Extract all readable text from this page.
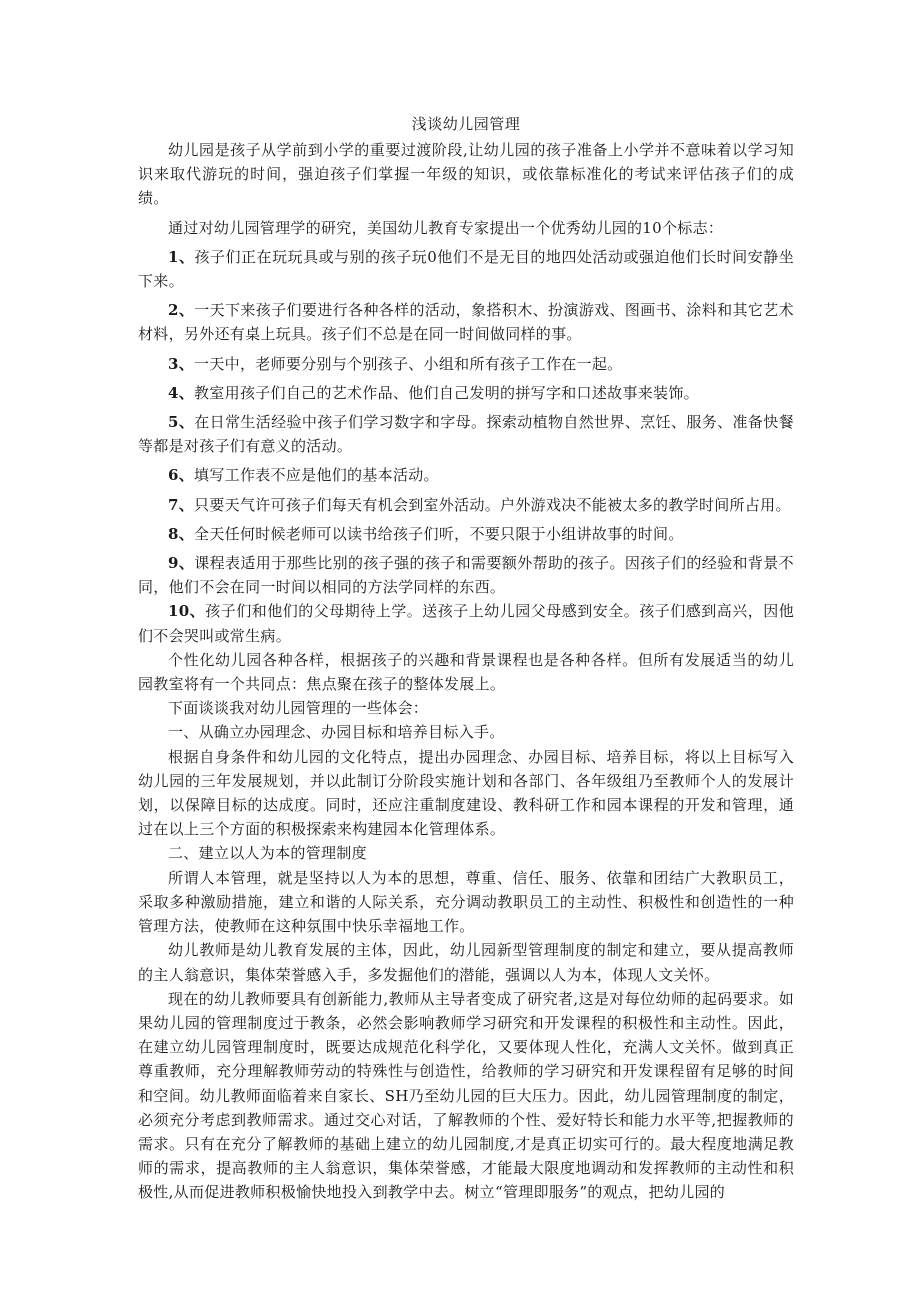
浅谈幼儿园管理

幼儿园是孩子从学前到小学的重要过渡阶段,让幼儿园的孩子准备上小学并不意味着以学习知识来取代游玩的时间，强迫孩子们掌握一年级的知识，或依靠标准化的考试来评估孩子们的成绩。

通过对幼儿园管理学的研究，美国幼儿教育专家提出一个优秀幼儿园的10个标志：

1、孩子们正在玩玩具或与别的孩子玩0他们不是无目的地四处活动或强迫他们长时间安静坐下来。

2、一天下来孩子们要进行各种各样的活动，象搭积木、扮演游戏、图画书、涂料和其它艺术材料，另外还有桌上玩具。孩子们不总是在同一时间做同样的事。

3、一天中，老师要分别与个别孩子、小组和所有孩子工作在一起。

4、教室用孩子们自己的艺术作品、他们自己发明的拼写字和口述故事来装饰。

5、在日常生活经验中孩子们学习数字和字母。探索动植物自然世界、烹饪、服务、准备快餐等都是对孩子们有意义的活动。

6、填写工作表不应是他们的基本活动。

7、只要天气许可孩子们每天有机会到室外活动。户外游戏决不能被太多的教学时间所占用。

8、全天任何时候老师可以读书给孩子们听，不要只限于小组讲故事的时间。

9、课程表适用于那些比别的孩子强的孩子和需要额外帮助的孩子。因孩子们的经验和背景不同，他们不会在同一时间以相同的方法学同样的东西。

10、孩子们和他们的父母期待上学。送孩子上幼儿园父母感到安全。孩子们感到高兴，因他们不会哭叫或常生病。

个性化幼儿园各种各样，根据孩子的兴趣和背景课程也是各种各样。但所有发展适当的幼儿园教室将有一个共同点：焦点聚在孩子的整体发展上。

下面谈谈我对幼儿园管理的一些体会：

一、从确立办园理念、办园目标和培养目标入手。

根据自身条件和幼儿园的文化特点，提出办园理念、办园目标、培养目标，将以上目标写入幼儿园的三年发展规划，并以此制订分阶段实施计划和各部门、各年级组乃至教师个人的发展计划，以保障目标的达成度。同时，还应注重制度建设、教科研工作和园本课程的开发和管理，通过在以上三个方面的积极探索来构建园本化管理体系。

二、建立以人为本的管理制度

所谓人本管理，就是坚持以人为本的思想，尊重、信任、服务、依靠和团结广大教职员工，采取多种激励措施，建立和谐的人际关系，充分调动教职员工的主动性、积极性和创造性的一种管理方法，使教师在这种氛围中快乐幸福地工作。

幼儿教师是幼儿教育发展的主体，因此，幼儿园新型管理制度的制定和建立，要从提高教师的主人翁意识，集体荣誉感入手，多发掘他们的潜能，强调以人为本，体现人文关怀。

现在的幼儿教师要具有创新能力,教师从主导者变成了研究者,这是对每位幼师的起码要求。如果幼儿园的管理制度过于教条，必然会影响教师学习研究和开发课程的积极性和主动性。因此，在建立幼儿园管理制度时，既要达成规范化科学化，又要体现人性化，充满人文关怀。做到真正尊重教师，充分理解教师劳动的特殊性与创造性，给教师的学习研究和开发课程留有足够的时间和空间。幼儿教师面临着来自家长、SH乃至幼儿园的巨大压力。因此，幼儿园管理制度的制定，必须充分考虑到教师需求。通过交心对话，了解教师的个性、爱好特长和能力水平等,把握教师的需求。只有在充分了解教师的基础上建立的幼儿园制度,才是真正切实可行的。最大程度地满足教师的需求，提高教师的主人翁意识，集体荣誉感，才能最大限度地调动和发挥教师的主动性和积极性,从而促进教师积极愉快地投入到教学中去。树立“管理即服务”的观点，把幼儿园的
